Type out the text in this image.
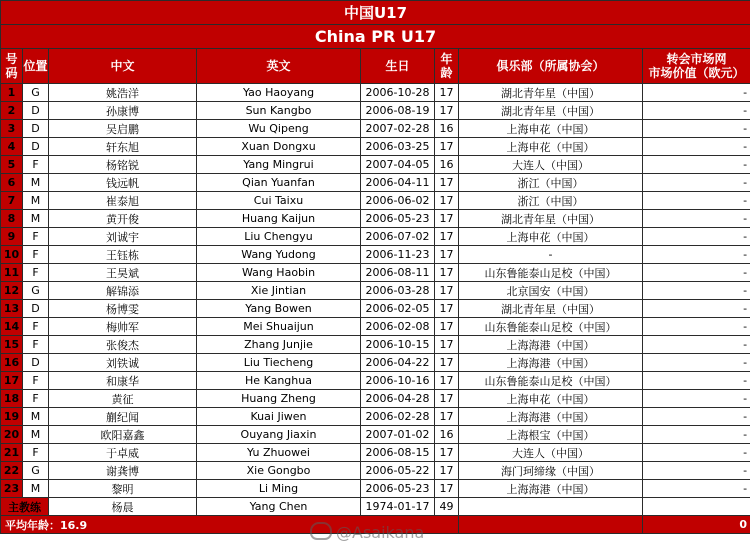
中国U17							
China PR U17							
号码	位置	中文	英文	生日	年龄	俱乐部（所属协会）	转会市场网
市场价值（欧元）
1	G	姚浩洋	Yao Haoyang	2006-10-28	17	湖北青年星（中国）	-
2	D	孙康博	Sun Kangbo	2006-08-19	17	湖北青年星（中国）	-
3	D	吴启鹏	Wu Qipeng	2007-02-28	16	上海申花（中国）	-
4	D	轩东旭	Xuan Dongxu	2006-03-25	17	上海申花（中国）	-
5	F	杨铭锐	Yang Mingrui	2007-04-05	16	大连人（中国）	-
6	M	钱远帆	Qian Yuanfan	2006-04-11	17	浙江（中国）	-
7	M	崔泰旭	Cui Taixu	2006-06-02	17	浙江（中国）	-
8	M	黄开俊	Huang Kaijun	2006-05-23	17	湖北青年星（中国）	-
9	F	刘诚宇	Liu Chengyu	2006-07-02	17	上海申花（中国）	-
10	F	王钰栋	Wang Yudong	2006-11-23	17	-	-
11	F	王昊斌	Wang Haobin	2006-08-11	17	山东鲁能泰山足校（中国）	-
12	G	解锦添	Xie Jintian	2006-03-28	17	北京国安（中国）	-
13	D	杨博雯	Yang Bowen	2006-02-05	17	湖北青年星（中国）	-
14	F	梅帅军	Mei Shuaijun	2006-02-08	17	山东鲁能泰山足校（中国）	-
15	F	张俊杰	Zhang Junjie	2006-10-15	17	上海海港（中国）	-
16	D	刘铁诚	Liu Tiecheng	2006-04-22	17	上海海港（中国）	-
17	F	和康华	He Kanghua	2006-10-16	17	山东鲁能泰山足校（中国）	-
18	F	黄征	Huang Zheng	2006-04-28	17	上海申花（中国）	-
19	M	蒯纪闻	Kuai Jiwen	2006-02-28	17	上海海港（中国）	-
20	M	欧阳嘉鑫	Ouyang Jiaxin	2007-01-02	16	上海根宝（中国）	-
21	F	于卓威	Yu Zhuowei	2006-08-15	17	大连人（中国）	-
22	G	谢龚博	Xie Gongbo	2006-05-22	17	海门珂缔缘（中国）	-
23	M	黎明	Li Ming	2006-05-23	17	上海海港（中国）	-
主教练		杨晨	Yang Chen	1974-01-17	49		
平均年龄：16.9							0
@Asaikana
